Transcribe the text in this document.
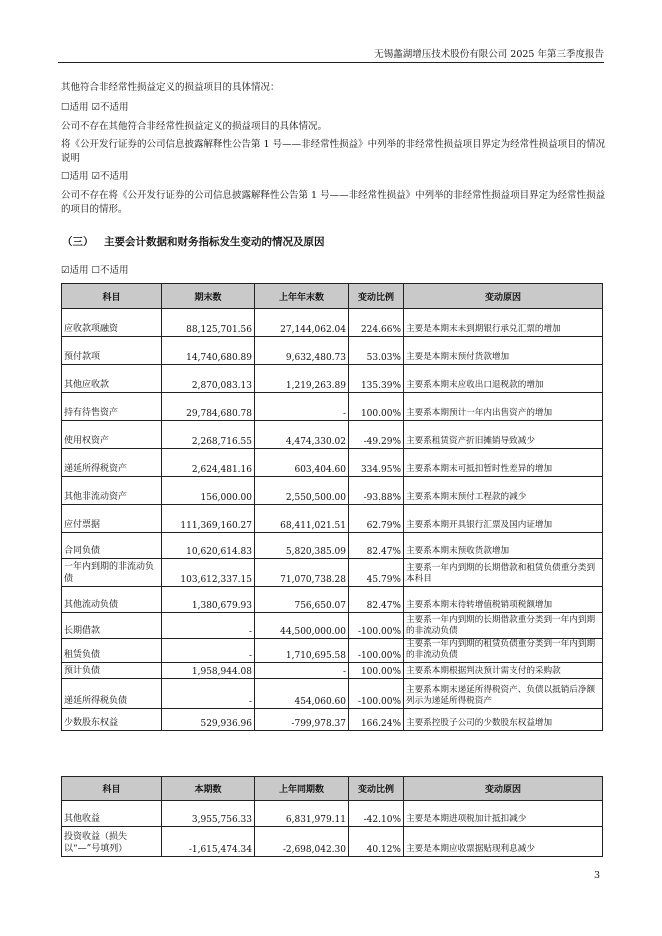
无锡蠡湖增压技术股份有限公司 2025 年第三季度报告
其他符合非经常性损益定义的损益项目的具体情况：
☐适用 ☑不适用
公司不存在其他符合非经常性损益定义的损益项目的具体情况。
将《公开发行证券的公司信息披露解释性公告第 1 号——非经常性损益》中列举的非经常性损益项目界定为经常性损益项目的情况说明
☐适用 ☑不适用
公司不存在将《公开发行证券的公司信息披露解释性公告第 1 号——非经常性损益》中列举的非经常性损益项目界定为经常性损益的项目的情形。
（三） 主要会计数据和财务指标发生变动的情况及原因
☑适用 ☐不适用
科目	期末数	上年年末数	变动比例	变动原因
应收款项融资	88,125,701.56	27,144,062.04	224.66%	主要是本期末未到期银行承兑汇票的增加
预付款项	14,740,680.89	9,632,480.73	53.03%	主要是本期末预付货款增加
其他应收款	2,870,083.13	1,219,263.89	135.39%	主要系本期末应收出口退税款的增加
持有待售资产	29,784,680.78	-	100.00%	主要系本期预计一年内出售资产的增加
使用权资产	2,268,716.55	4,474,330.02	-49.29%	主要系租赁资产折旧摊销导致减少
递延所得税资产	2,624,481.16	603,404.60	334.95%	主要系本期末可抵扣暂时性差异的增加
其他非流动资产	156,000.00	2,550,500.00	-93.88%	主要系本期末预付工程款的减少
应付票据	111,369,160.27	68,411,021.51	62.79%	主要系本期开具银行汇票及国内证增加
合同负债	10,620,614.83	5,820,385.09	82.47%	主要系本期末预收货款增加
一年内到期的非流动负债	103,612,337.15	71,070,738.28	45.79%	主要系一年内到期的长期借款和租赁负债重分类到本科目
其他流动负债	1,380,679.93	756,650.07	82.47%	主要系本期末待转增值税销项税额增加
长期借款	-	44,500,000.00	-100.00%	主要系一年内到期的长期借款重分类到一年内到期的非流动负债
租赁负债	-	1,710,695.58	-100.00%	主要系一年内到期的租赁负债重分类到一年内到期的非流动负债
预计负债	1,958,944.08	-	100.00%	主要系本期根据判决预计需支付的采购款
递延所得税负债	-	454,060.60	-100.00%	主要系本期末递延所得税资产、负债以抵销后净额列示为递延所得税资产
少数股东权益	529,936.96	-799,978.37	166.24%	主要系控股子公司的少数股东权益增加
科目	本期数	上年同期数	变动比例	变动原因
其他收益	3,955,756.33	6,831,979.11	-42.10%	主要是本期进项税加计抵扣减少
投资收益（损失以“—”号填列）	-1,615,474.34	-2,698,042.30	40.12%	主要是本期应收票据贴现利息减少
3
